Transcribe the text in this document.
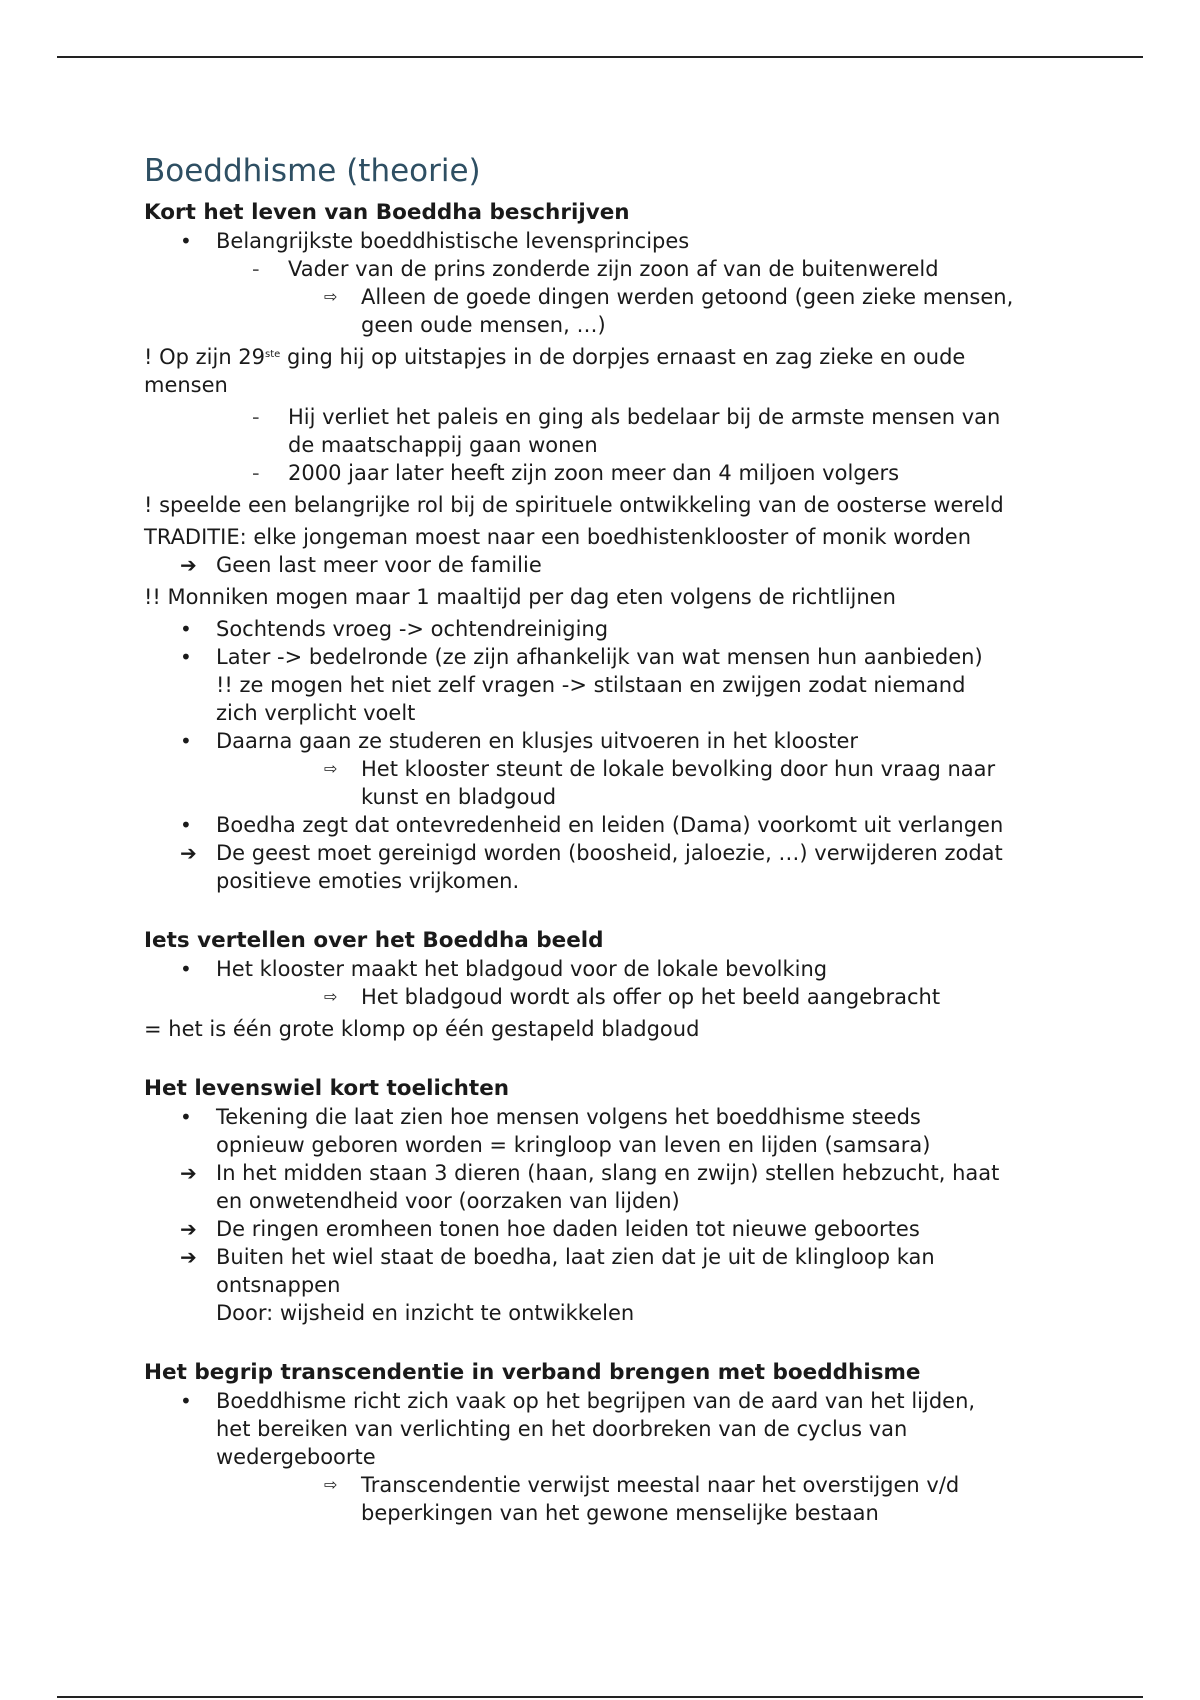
Boeddhisme (theorie)
Kort het leven van Boeddha beschrijven
• Belangrijkste boeddhistische levensprincipes
- Vader van de prins zonderde zijn zoon af van de buitenwereld
⇨ Alleen de goede dingen werden getoond (geen zieke mensen,
geen oude mensen, …)
! Op zijn 29ste ging hij op uitstapjes in de dorpjes ernaast en zag zieke en oude
mensen
- Hij verliet het paleis en ging als bedelaar bij de armste mensen van
de maatschappij gaan wonen
- 2000 jaar later heeft zijn zoon meer dan 4 miljoen volgers
! speelde een belangrijke rol bij de spirituele ontwikkeling van de oosterse wereld
TRADITIE: elke jongeman moest naar een boedhistenklooster of monik worden
➔ Geen last meer voor de familie
!! Monniken mogen maar 1 maaltijd per dag eten volgens de richtlijnen
• Sochtends vroeg -> ochtendreiniging
• Later -> bedelronde (ze zijn afhankelijk van wat mensen hun aanbieden)
!! ze mogen het niet zelf vragen -> stilstaan en zwijgen zodat niemand
zich verplicht voelt
• Daarna gaan ze studeren en klusjes uitvoeren in het klooster
⇨ Het klooster steunt de lokale bevolking door hun vraag naar
kunst en bladgoud
• Boedha zegt dat ontevredenheid en leiden (Dama) voorkomt uit verlangen
➔ De geest moet gereinigd worden (boosheid, jaloezie, …) verwijderen zodat
positieve emoties vrijkomen.
Iets vertellen over het Boeddha beeld
• Het klooster maakt het bladgoud voor de lokale bevolking
⇨ Het bladgoud wordt als offer op het beeld aangebracht
= het is één grote klomp op één gestapeld bladgoud
Het levenswiel kort toelichten
• Tekening die laat zien hoe mensen volgens het boeddhisme steeds
opnieuw geboren worden = kringloop van leven en lijden (samsara)
➔ In het midden staan 3 dieren (haan, slang en zwijn) stellen hebzucht, haat
en onwetendheid voor (oorzaken van lijden)
➔ De ringen eromheen tonen hoe daden leiden tot nieuwe geboortes
➔ Buiten het wiel staat de boedha, laat zien dat je uit de klingloop kan
ontsnappen
Door: wijsheid en inzicht te ontwikkelen
Het begrip transcendentie in verband brengen met boeddhisme
• Boeddhisme richt zich vaak op het begrijpen van de aard van het lijden,
het bereiken van verlichting en het doorbreken van de cyclus van
wedergeboorte
⇨ Transcendentie verwijst meestal naar het overstijgen v/d
beperkingen van het gewone menselijke bestaan
